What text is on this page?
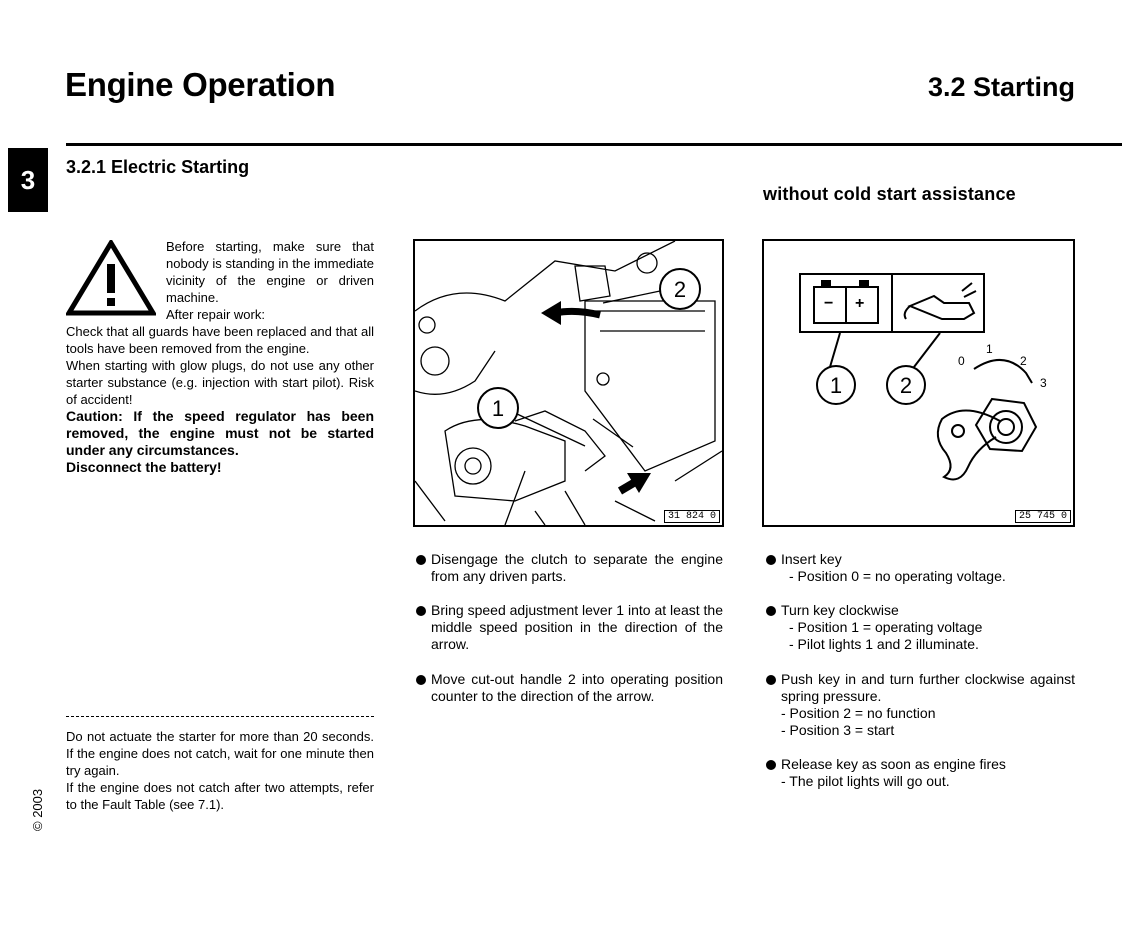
Engine Operation	3.2 Starting
3	3.2.1 Electric Starting
without cold start assistance
Before starting, make sure that nobody is standing in the immediate vicinity of the engine or driven machine.
After repair work:

Check that all guards have been replaced and that all tools have been removed from the engine.

When starting with glow plugs, do not use any other starter substance (e.g. injection with start pilot). Risk of accident!

Caution: If the speed regulator has been removed, the engine must not be started under any circumstances.

Disconnect the battery!

2
1
31 824 0
− +
1	2
0
1
2
3
25 745 0
Disengage the clutch to separate the engine from any driven parts.
Bring speed adjustment lever 1 into at least the middle speed position in the direction of the arrow.
Move cut-out handle 2 into operating position counter to the direction of the arrow.
Insert key
- Position 0 = no operating voltage.
Turn key clockwise
- Position 1 = operating voltage
- Pilot lights 1 and 2 illuminate.
Push key in and turn further clockwise against spring pressure.
- Position 2 = no function
- Position 3 = start
Release key as soon as engine fires
- The pilot lights will go out.
Do not actuate the starter for more than 20 seconds. If the engine does not catch, wait for one minute then try again.
If the engine does not catch after two attempts, refer to the Fault Table (see 7.1).
© 2003
